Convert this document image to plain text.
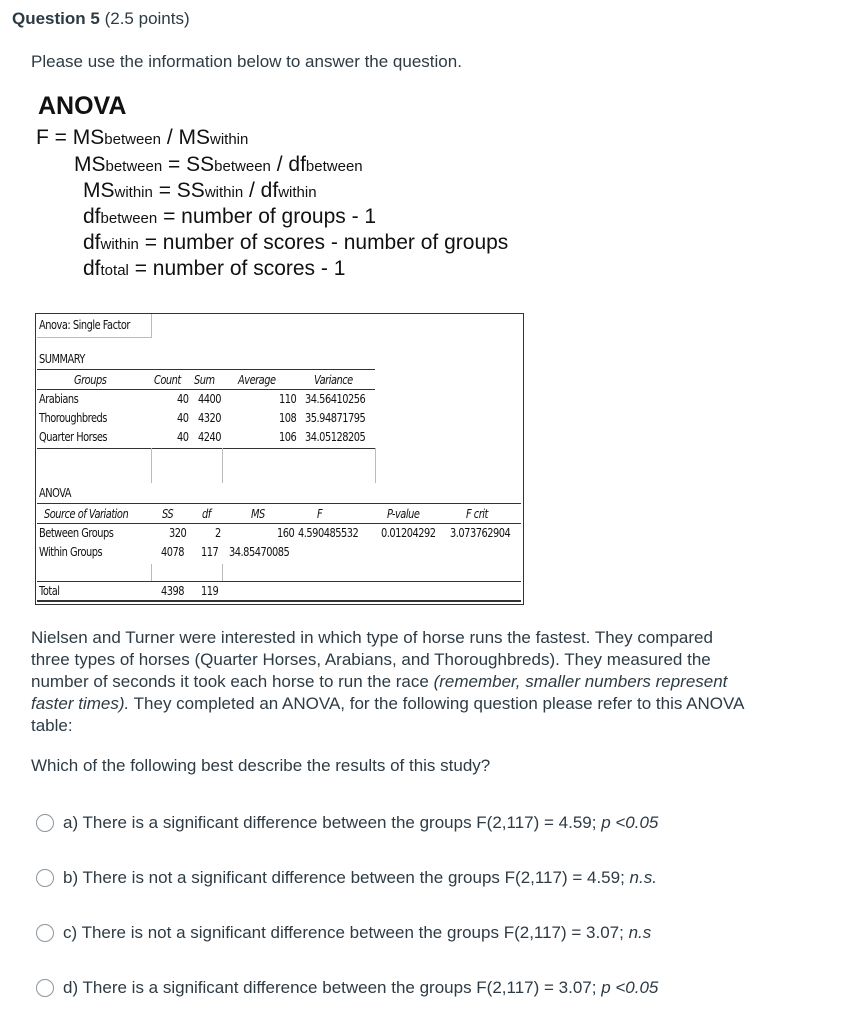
Question 5 (2.5 points)
Please use the information below to answer the question.
ANOVA
F = MSbetween / MSwithin
MSbetween = SSbetween / dfbetween
MSwithin = SSwithin / dfwithin
dfbetween = number of groups - 1
dfwithin = number of scores - number of groups
dftotal = number of scores - 1
Anova: Single Factor
SUMMARY
Groups	Count Sum Average	Variance
Arabians	40 4400	110 34.56410256
Thoroughbreds	40 4320	108 35.94871795
Quarter Horses	40 4240	106 34.05128205
ANOVA
Source of Variation	SS df	MS	F	P-value	F crit
Between Groups	320 2	160 4.590485532 0.01204292 3.073762904
Within Groups	4078 117 34.85470085
Total	4398 119
Nielsen and Turner were interested in which type of horse runs the fastest. They compared three types of horses (Quarter Horses, Arabians, and Thoroughbreds). They measured the number of seconds it took each horse to run the race (remember, smaller numbers represent faster times). They completed an ANOVA, for the following question please refer to this ANOVA table:
Which of the following best describe the results of this study?
a) There is a significant difference between the groups F(2,117) = 4.59; p <0.05
b) There is not a significant difference between the groups F(2,117) = 4.59; n.s.
c) There is not a significant difference between the groups F(2,117) = 3.07; n.s
d) There is a significant difference between the groups F(2,117) = 3.07; p <0.05
